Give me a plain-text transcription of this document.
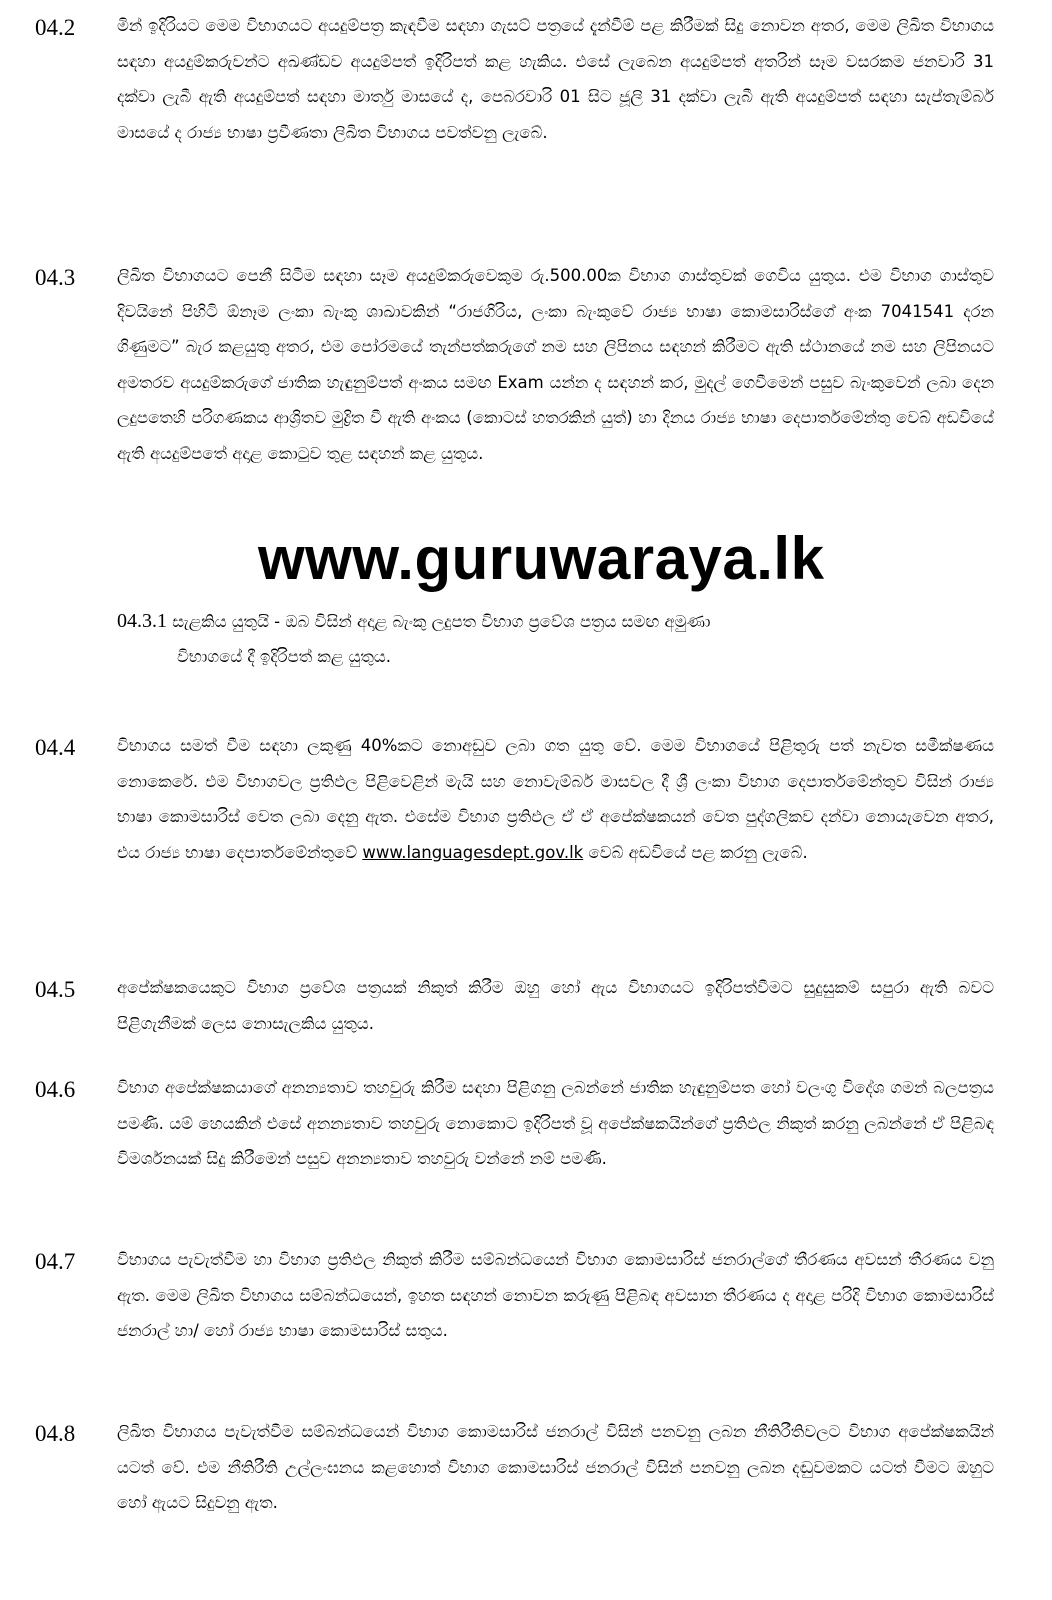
04.2	මින් ඉදිරියට මෙම විභාගයට අයදුම්පත්‍ර කැඳවීම සඳහා ගැසට් පත්‍රයේ දැන්වීම් පළ කිරීමක් සිදු නොවන අතර, මෙම ලිඛිත විභාගය සඳහා අයදුම්කරුවන්ට අඛණ්ඩව අයදුම්පත් ඉදිරිපත් කළ හැකිය. එසේ ලැබෙන අයදුම්පත් අතරින් සෑම වසරකම ජනවාරි 31 දක්වා ලැබී ඇති අයදුම්පත් සඳහා මාර්තු මාසයේ ද, පෙබරවාරි 01 සිට ජූලි 31 දක්වා ලැබී ඇති අයදුම්පත් සඳහා සැප්තැම්බර් මාසයේ ද රාජ්‍ය භාෂා ප්‍රවීණතා ලිඛිත විභාගය පවත්වනු ලැබේ.
04.3	ලිඛිත විභාගයට පෙනී සිටීම සඳහා සෑම අයදුම්කරුවෙකුම රු.500.00ක විභාග ගාස්තුවක් ගෙවිය යුතුය. එම විභාග ගාස්තුව දිවයිනේ පිහිටි ඕනෑම ලංකා බැංකු ශාඛාවකින් “රාජගිරිය, ලංකා බැංකුවේ රාජ්‍ය භාෂා කොමසාරිස්ගේ අංක 7041541 දරන ගිණුමට” බැර කළයුතු අතර, එම පෝරමයේ තැන්පත්කරුගේ නම සහ ලිපිනය සඳහන් කිරීමට ඇති ස්ථානයේ නම සහ ලිපිනයට අමතරව අයදුම්කරුගේ ජාතික හැඳුනුම්පත් අංකය සමඟ Exam යන්න ද සඳහන් කර, මුදල් ගෙවීමෙන් පසුව බැංකුවෙන් ලබා දෙන ලදුපතෙහි පරිගණකය ආශ්‍රිතව මුද්‍රිත වී ඇති අංකය (කොටස් හතරකින් යුත්) හා දිනය රාජ්‍ය භාෂා දෙපාර්තමේන්තු වෙබ් අඩවියේ ඇති අයදුම්පතේ අදාළ කොටුව තුළ සඳහන් කළ යුතුය.
www.guruwaraya.lk
04.3.1 සැළකිය යුතුයි - ඔබ විසින් අදාළ බැංකු ලදුපත විභාග ප්‍රවේශ පත්‍රය සමඟ අමුණා
විභාගයේ දී ඉදිරිපත් කළ යුතුය.
04.4	විභාගය සමත් වීම සඳහා ලකුණු 40%කට නොඅඩුව ලබා ගත යුතු වේ. මෙම විභාගයේ පිළිතුරු පත් නැවත සමීක්ෂණය නොකෙරේ. එම විභාගවල ප්‍රතිඵල පිළිවෙළින් මැයි සහ නොවැම්බර් මාසවල දී ශ්‍රී ලංකා විභාග දෙපාර්තමේන්තුව විසින් රාජ්‍ය භාෂා කොමසාරිස් වෙත ලබා දෙනු ඇත. එසේම විභාග ප්‍රතිඵල ඒ ඒ අපේක්ෂකයන් වෙත පුද්ගලිකව දන්වා නොයැවෙන අතර, එය රාජ්‍ය භාෂා දෙපාර්තමේන්තුවේ www.languagesdept.gov.lk වෙබ් අඩවියේ පළ කරනු ලැබේ.
04.5	අපේක්ෂකයෙකුට විභාග ප්‍රවේශ පත්‍රයක් නිකුත් කිරීම ඔහු හෝ ඇය විභාගයට ඉදිරිපත්වීමට සුදුසුකම් සපුරා ඇති බවට පිළිගැනීමක් ලෙස නොසැලකිය යුතුය.
04.6	විභාග අපේක්ෂකයාගේ අනන්‍යතාව තහවුරු කිරීම සඳහා පිළිගනු ලබන්නේ ජාතික හැඳුනුම්පත හෝ වලංගු විදේශ ගමන් බලපත්‍රය පමණි. යම් හෙයකින් එසේ අනන්‍යතාව තහවුරු නොකොට ඉදිරිපත් වූ අපේක්ෂකයින්ගේ ප්‍රතිඵල නිකුත් කරනු ලබන්නේ ඒ පිළිබඳ විමර්ශනයක් සිදු කිරීමෙන් පසුව අනන්‍යතාව තහවුරු වන්නේ නම් පමණි.
04.7	විභාගය පැවැත්වීම හා විභාග ප්‍රතිඵල නිකුත් කිරීම සම්බන්ධයෙන් විභාග කොමසාරිස් ජනරාල්ගේ තීරණය අවසන් තීරණය වනු ඇත. මෙම ලිඛිත විභාගය සම්බන්ධයෙන්, ඉහත සඳහන් නොවන කරුණු පිළිබඳ අවසාන තීරණය ද අදාළ පරිදි විභාග කොමසාරිස් ජනරාල් හා/ හෝ රාජ්‍ය භාෂා කොමසාරිස් සතුය.
04.8	ලිඛිත විභාගය පැවැත්වීම සම්බන්ධයෙන් විභාග කොමසාරිස් ජනරාල් විසින් පනවනු ලබන නීතිරීතිවලට විභාග අපේක්ෂකයින් යටත් වේ. එම නීතිරීති උල්ලංඝනය කළහොත් විභාග කොමසාරිස් ජනරාල් විසින් පනවනු ලබන දඬුවමකට යටත් වීමට ඔහුට හෝ ඇයට සිදුවනු ඇත.
